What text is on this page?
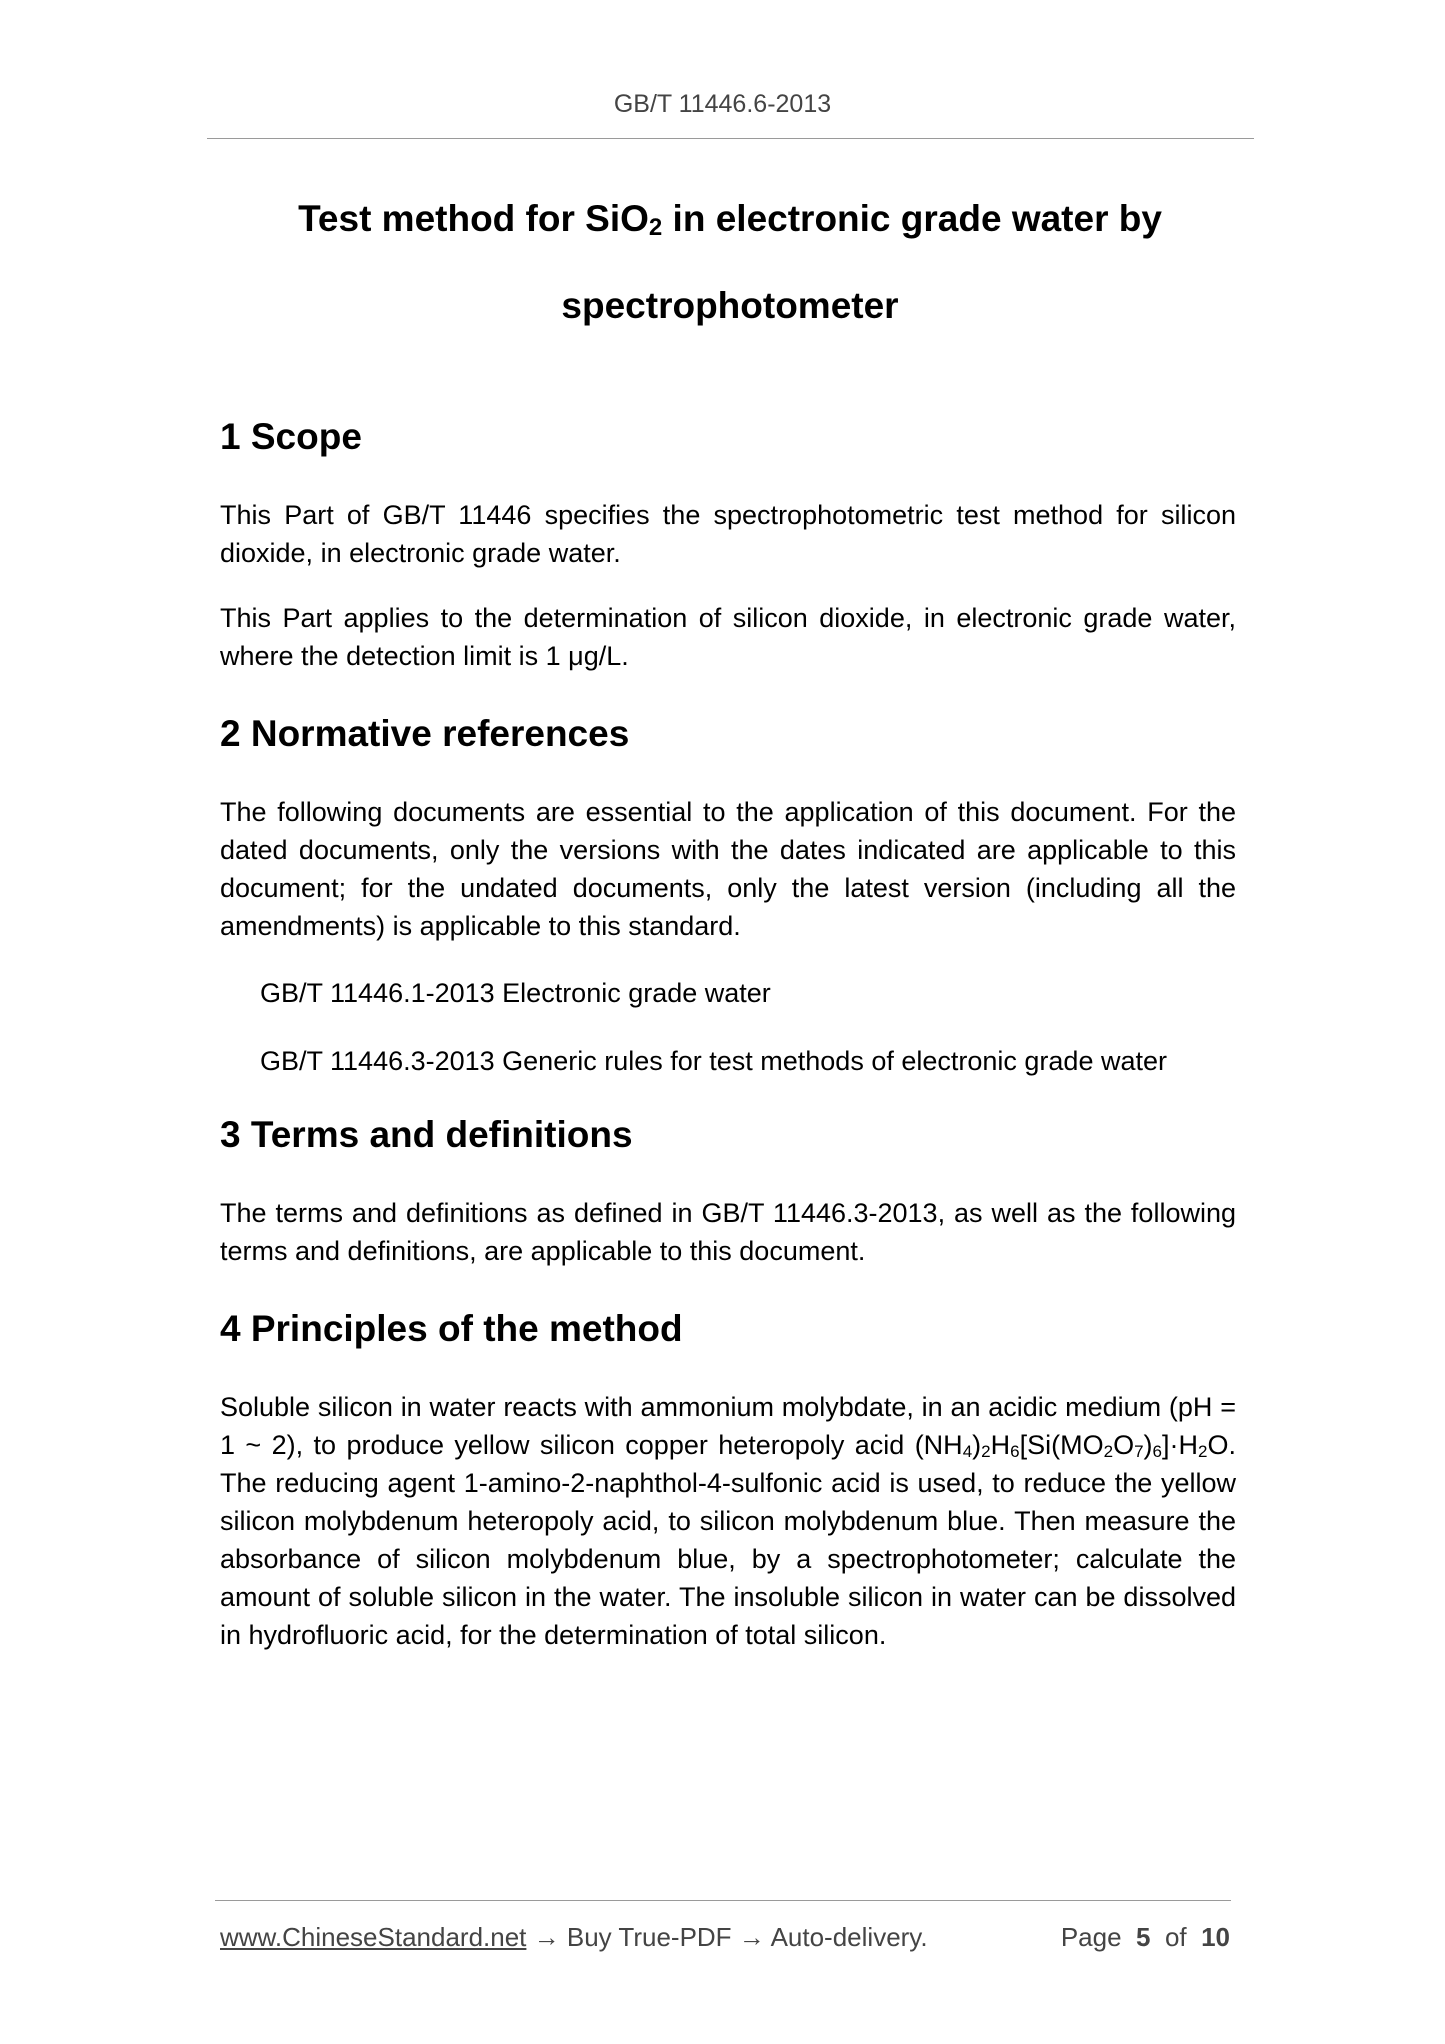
GB/T 11446.6-2013
Test method for SiO$_2$ in electronic grade water by
spectrophotometer
1 Scope

This Part of GB/T 11446 specifies the spectrophotometric test method for silicon dioxide, in electronic grade water.

This Part applies to the determination of silicon dioxide, in electronic grade water, where the detection limit is 1 μg/L.

2 Normative references

The following documents are essential to the application of this document. For the dated documents, only the versions with the dates indicated are applicable to this document; for the undated documents, only the latest version (including all the amendments) is applicable to this standard.

GB/T 11446.1-2013 Electronic grade water

GB/T 11446.3-2013 Generic rules for test methods of electronic grade water

3 Terms and definitions

The terms and definitions as defined in GB/T 11446.3-2013, as well as the following terms and definitions, are applicable to this document.

4 Principles of the method

Soluble silicon in water reacts with ammonium molybdate, in an acidic medium (pH = 1 ~ 2), to produce yellow silicon copper heteropoly acid $(NH_4)_2H_6[Si(MO_2O_7)_6]\cdot H_2O$. The reducing agent 1-amino-2-naphthol-4-sulfonic acid is used, to reduce the yellow silicon molybdenum heteropoly acid, to silicon molybdenum blue. Then measure the absorbance of silicon molybdenum blue, by a spectrophotometer; calculate the amount of soluble silicon in the water. The insoluble silicon in water can be dissolved in hydrofluoric acid, for the determination of total silicon.

www.ChineseStandard.net → Buy True-PDF → Auto-delivery.	Page 5 of 10
